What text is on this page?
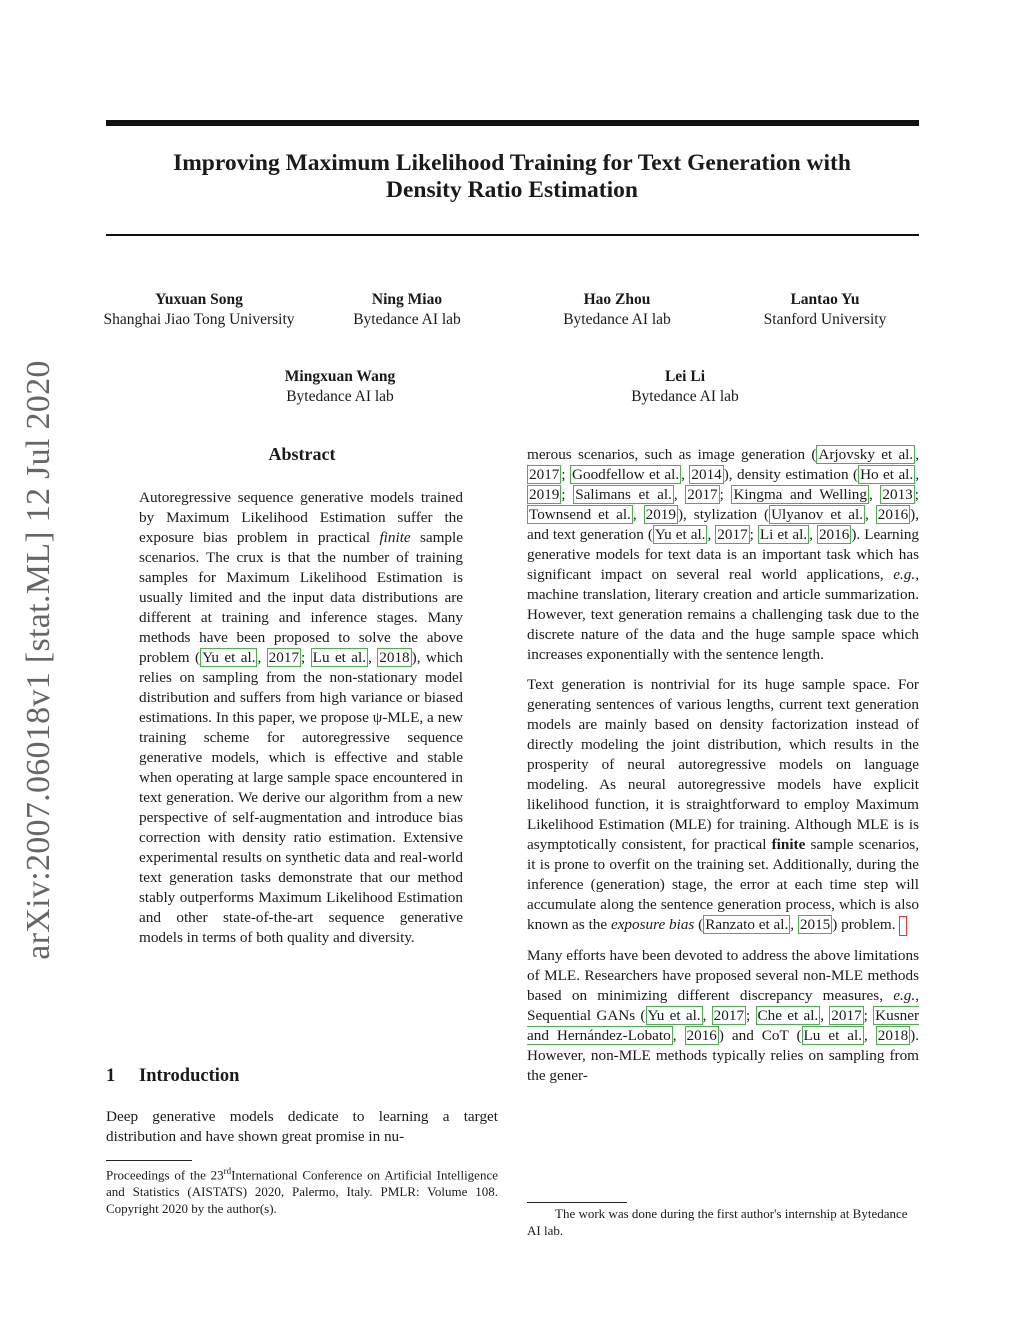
Improving Maximum Likelihood Training for Text Generation with
Density Ratio Estimation
Yuxuan Song
Shanghai Jiao Tong University
Ning Miao
Bytedance AI lab
Hao Zhou
Bytedance AI lab
Lantao Yu
Stanford University
Mingxuan Wang
Bytedance AI lab
Lei Li
Bytedance AI lab
arXiv:2007.06018v1 [stat.ML] 12 Jul 2020	Abstract
Autoregressive sequence generative models trained by Maximum Likelihood Estimation suffer the exposure bias problem in practical finite sample scenarios. The crux is that the number of training samples for Maximum Likelihood Estimation is usually limited and the input data distributions are different at training and inference stages. Many methods have been proposed to solve the above problem ( Yu et al. , 2017 ; Lu et al. , 2018 ), which relies on sampling from the non-stationary model distribution and suffers from high variance or biased estimations. In this paper, we propose ψ-MLE, a new training scheme for autoregressive sequence generative models, which is effective and stable when operating at large sample space encountered in text generation. We derive our algorithm from a new perspective of self-augmentation and introduce bias correction with density ratio estimation. Extensive experimental results on synthetic data and real-world text generation tasks demonstrate that our method stably outperforms Maximum Likelihood Estimation and other state-of-the-art sequence generative models in terms of both quality and diversity.
1 Introduction
Deep generative models dedicate to learning a target distribution and have shown great promise in nu-
Proceedings of the 23rdInternational Conference on Artificial Intelligence and Statistics (AISTATS) 2020, Palermo, Italy. PMLR: Volume 108. Copyright 2020 by the author(s).

merous scenarios, such as image generation ( Arjovsky et al. , 2017 ; Goodfellow et al. , 2014 ), density estimation ( Ho et al. , 2019 ; Salimans et al. , 2017 ; Kingma and Welling , 2013 ; Townsend et al. , 2019 ), stylization ( Ulyanov et al. , 2016 ), and text generation ( Yu et al. , 2017 ; Li et al. , 2016 ). Learning generative models for text data is an important task which has significant impact on several real world applications, e.g., machine translation, literary creation and article summarization. However, text generation remains a challenging task due to the discrete nature of the data and the huge sample space which increases exponentially with the sentence length.

Text generation is nontrivial for its huge sample space. For generating sentences of various lengths, current text generation models are mainly based on density factorization instead of directly modeling the joint distribution, which results in the prosperity of neural autoregressive models on language modeling. As neural autoregressive models have explicit likelihood function, it is straightforward to employ Maximum Likelihood Estimation (MLE) for training. Although MLE is is asymptotically consistent, for practical finite sample scenarios, it is prone to overfit on the training set. Additionally, during the inference (generation) stage, the error at each time step will accumulate along the sentence generation process, which is also known as the exposure bias ( Ranzato et al. , 2015 ) problem.

Many efforts have been devoted to address the above limitations of MLE. Researchers have proposed several non-MLE methods based on minimizing different discrepancy measures, e.g., Sequential GANs ( Yu et al. , 2017 ; Che et al. , 2017 ; Kusner and Hernández-Lobato , 2016 ) and CoT ( Lu et al. , 2018 ). However, non-MLE methods typically relies on sampling from the gener-

The work was done during the first author's internship at Bytedance AI lab.
